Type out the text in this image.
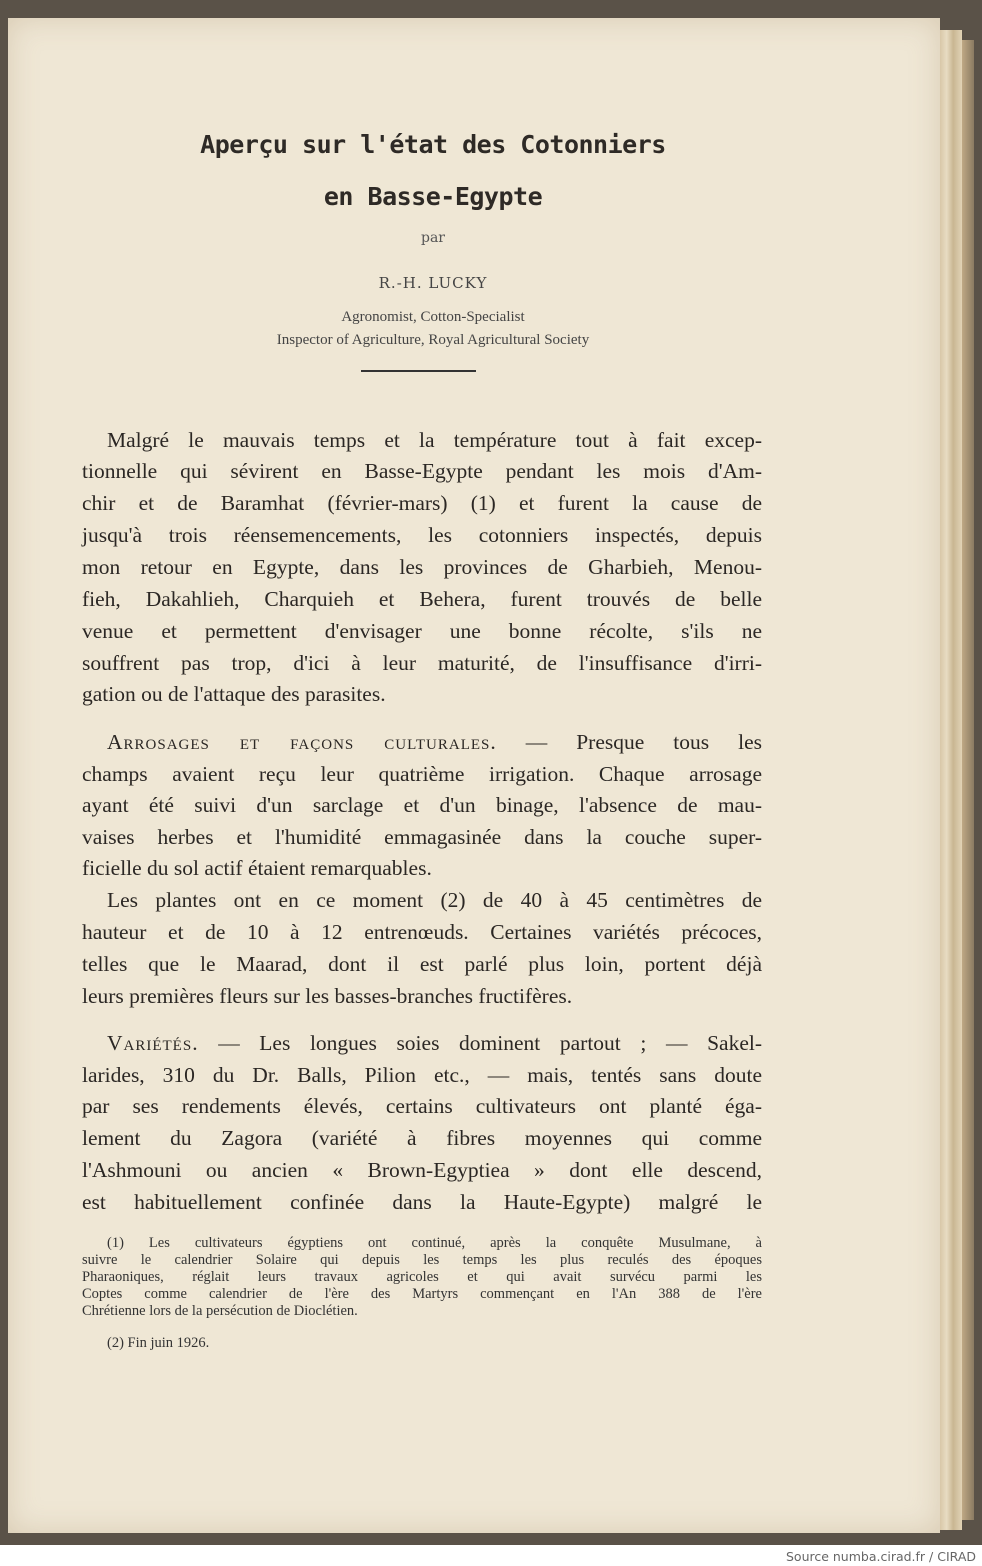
Aperçu sur l'état des Cotonniers
en Basse-Egypte
par
R.-H. LUCKY
Agronomist, Cotton-Specialist
Inspector of Agriculture, Royal Agricultural Society
Malgré le mauvais temps et la température tout à fait excep-
tionnelle qui sévirent en Basse-Egypte pendant les mois d'Am-
chir et de Baramhat (février-mars) (1) et furent la cause de
jusqu'à trois réensemencements, les cotonniers inspectés, depuis
mon retour en Egypte, dans les provinces de Gharbieh, Menou-
fieh, Dakahlieh, Charquieh et Behera, furent trouvés de belle
venue et permettent d'envisager une bonne récolte, s'ils ne
souffrent pas trop, d'ici à leur maturité, de l'insuffisance d'irri-
gation ou de l'attaque des parasites.
Arrosages et façons culturales. — Presque tous les
champs avaient reçu leur quatrième irrigation. Chaque arrosage
ayant été suivi d'un sarclage et d'un binage, l'absence de mau-
vaises herbes et l'humidité emmagasinée dans la couche super-
ficielle du sol actif étaient remarquables.
Les plantes ont en ce moment (2) de 40 à 45 centimètres de
hauteur et de 10 à 12 entrenœuds. Certaines variétés précoces,
telles que le Maarad, dont il est parlé plus loin, portent déjà
leurs premières fleurs sur les basses-branches fructifères.
Variétés. — Les longues soies dominent partout ; — Sakel-
larides, 310 du Dr. Balls, Pilion etc., — mais, tentés sans doute
par ses rendements élevés, certains cultivateurs ont planté éga-
lement du Zagora (variété à fibres moyennes qui comme
l'Ashmouni ou ancien « Brown-Egyptiea » dont elle descend,
est habituellement confinée dans la Haute-Egypte) malgré le
(1) Les cultivateurs égyptiens ont continué, après la conquête Musulmane, à
suivre le calendrier Solaire qui depuis les temps les plus reculés des époques
Pharaoniques, réglait leurs travaux agricoles et qui avait survécu parmi les
Coptes comme calendrier de l'ère des Martyrs commençant en l'An 388 de l'ère
Chrétienne lors de la persécution de Dioclétien.
(2) Fin juin 1926.
Source numba.cirad.fr / CIRAD
